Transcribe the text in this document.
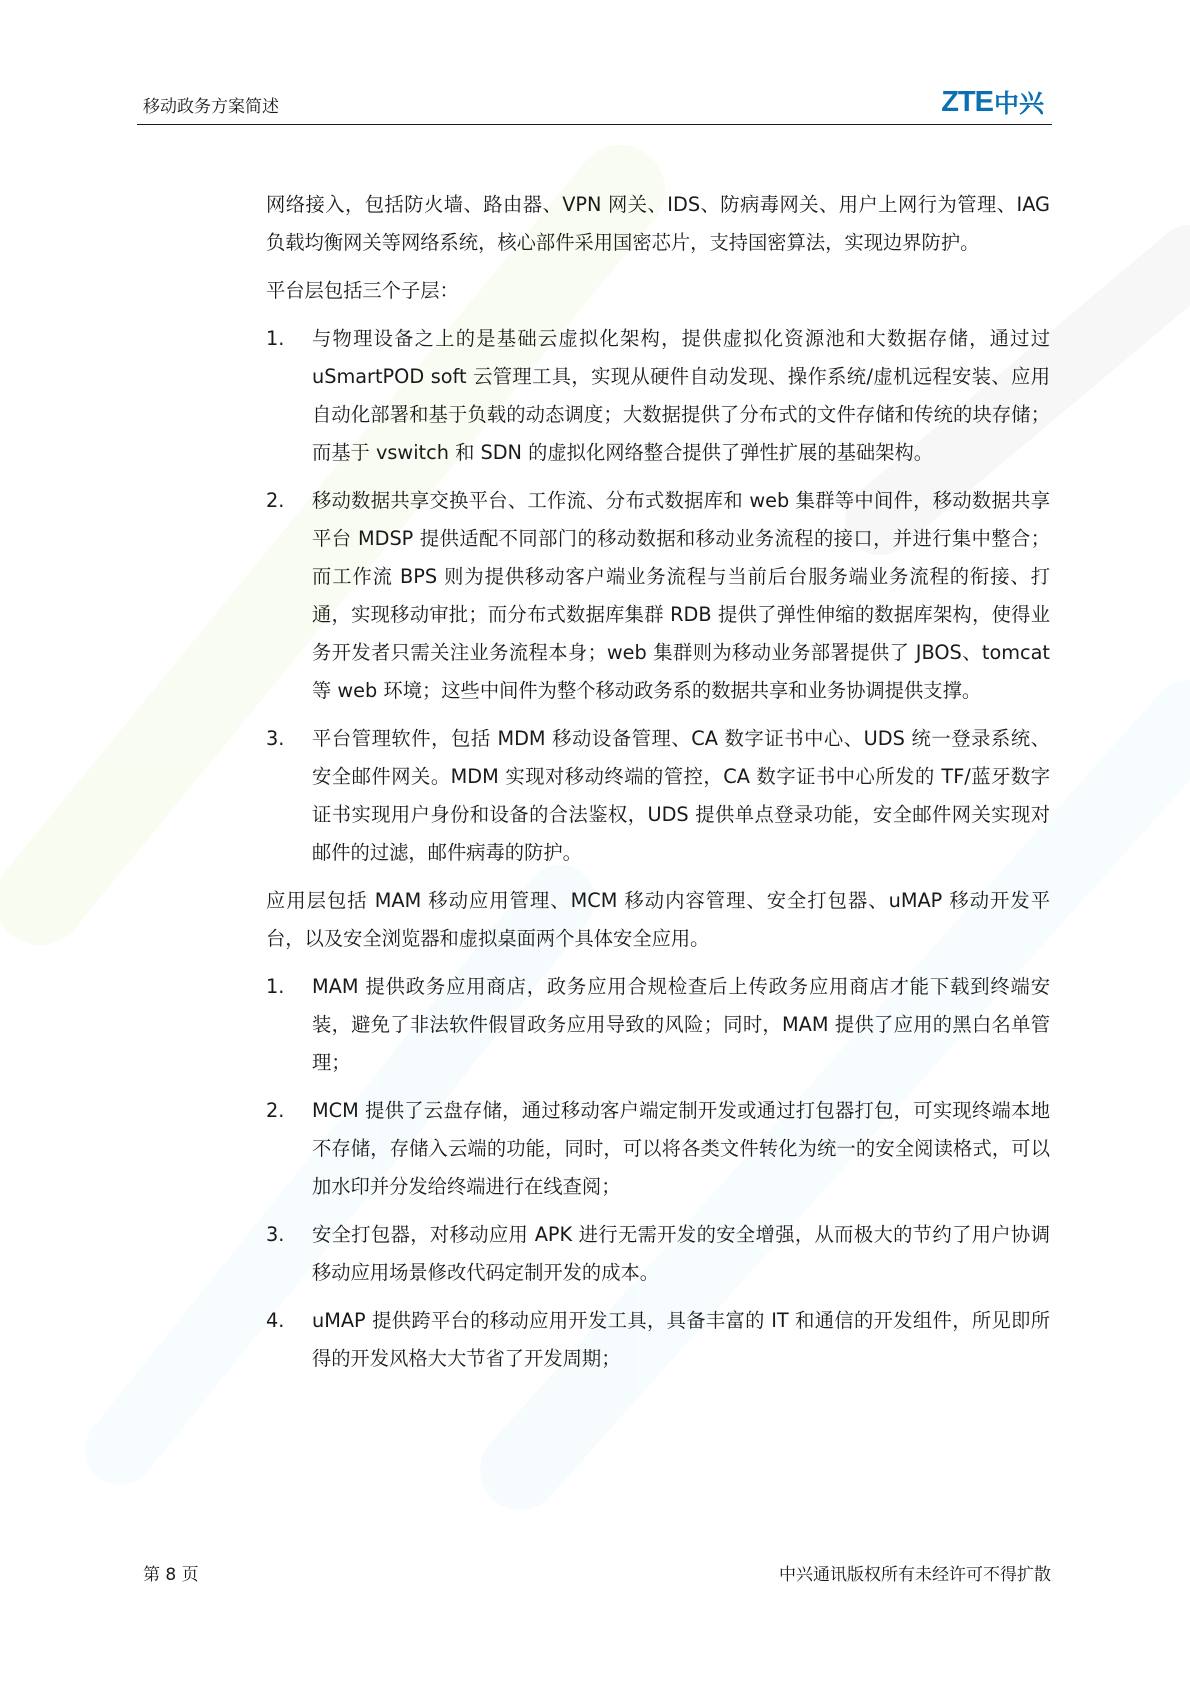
移动政务方案简述	ZTE 中兴

网络接入，包括防火墙、路由器、VPN 网关、IDS、防病毒网关、用户上网行为管理、IAG 负载均衡网关等网络系统，核心部件采用国密芯片，支持国密算法，实现边界防护。

平台层包括三个子层：

1. 与物理设备之上的是基础云虚拟化架构，提供虚拟化资源池和大数据存储，通过过 uSmartPOD soft 云管理工具，实现从硬件自动发现、操作系统/虚机远程安装、应用自动化部署和基于负载的动态调度；大数据提供了分布式的文件存储和传统的块存储；而基于 vswitch 和 SDN 的虚拟化网络整合提供了弹性扩展的基础架构。
2. 移动数据共享交换平台、工作流、分布式数据库和 web 集群等中间件，移动数据共享平台 MDSP 提供适配不同部门的移动数据和移动业务流程的接口，并进行集中整合；而工作流 BPS 则为提供移动客户端业务流程与当前后台服务端业务流程的衔接、打通，实现移动审批；而分布式数据库集群 RDB 提供了弹性伸缩的数据库架构，使得业务开发者只需关注业务流程本身；web 集群则为移动业务部署提供了 JBOS、tomcat 等 web 环境；这些中间件为整个移动政务系的数据共享和业务协调提供支撑。
3. 平台管理软件，包括 MDM 移动设备管理、CA 数字证书中心、UDS 统一登录系统、安全邮件网关。MDM 实现对移动终端的管控，CA 数字证书中心所发的 TF/蓝牙数字证书实现用户身份和设备的合法鉴权，UDS 提供单点登录功能，安全邮件网关实现对邮件的过滤，邮件病毒的防护。

应用层包括 MAM 移动应用管理、MCM 移动内容管理、安全打包器、uMAP 移动开发平台，以及安全浏览器和虚拟桌面两个具体安全应用。

1. MAM 提供政务应用商店，政务应用合规检查后上传政务应用商店才能下载到终端安装，避免了非法软件假冒政务应用导致的风险；同时，MAM 提供了应用的黑白名单管理；
2. MCM 提供了云盘存储，通过移动客户端定制开发或通过打包器打包，可实现终端本地不存储，存储入云端的功能，同时，可以将各类文件转化为统一的安全阅读格式，可以加水印并分发给终端进行在线查阅；
3. 安全打包器，对移动应用 APK 进行无需开发的安全增强，从而极大的节约了用户协调移动应用场景修改代码定制开发的成本。
4. uMAP 提供跨平台的移动应用开发工具，具备丰富的 IT 和通信的开发组件，所见即所得的开发风格大大节省了开发周期；
第 8 页	中兴通讯版权所有未经许可不得扩散
